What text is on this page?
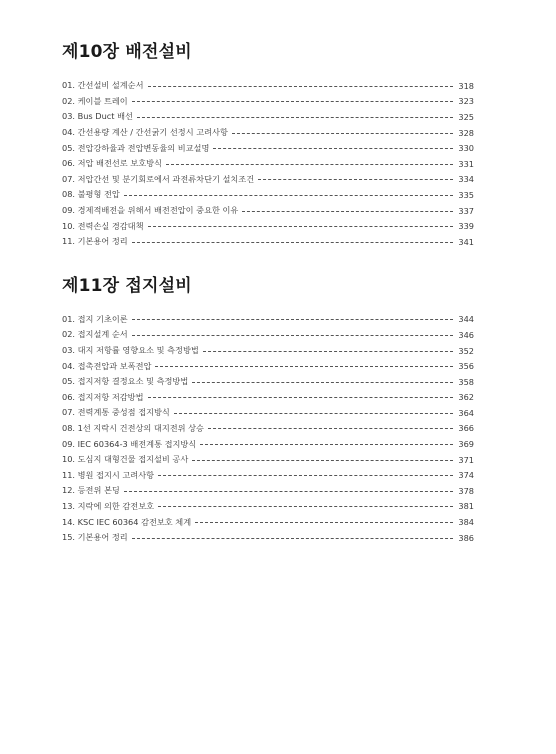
제10장 배전설비
01. 간선설비 설계순서	318
02. 케이블 트레이	323
03. Bus Duct 배선	325
04. 간선용량 계산 / 간선굵기 선정시 고려사항	328
05. 전압강하율과 전압변동율의 비교설명	330
06. 저압 배전선로 보호방식	331
07. 저압간선 및 분기회로에서 과전류차단기 설치조건	334
08. 불평형 전압	335
09. 경제적배전을 위해서 배전전압이 중요한 이유	337
10. 전력손실 경감대책	339
11. 기본용어 정리	341
제11장 접지설비
01. 접지 기초이론	344
02. 접지설계 순서	346
03. 대지 저항률 영향요소 및 측정방법	352
04. 접촉전압과 보폭전압	356
05. 접지저항 결정요소 및 측정방법	358
06. 접지저항 저감방법	362
07. 전력계통 중성점 접지방식	364
08. 1선 지락시 건전상의 대지전위 상승	366
09. IEC 60364-3 배전계통 접지방식	369
10. 도심지 대형건물 접지설비 공사	371
11. 병원 접지시 고려사항	374
12. 등전위 본딩	378
13. 지락에 의한 감전보호	381
14. KSC IEC 60364 감전보호 체계	384
15. 기본용어 정리	386
